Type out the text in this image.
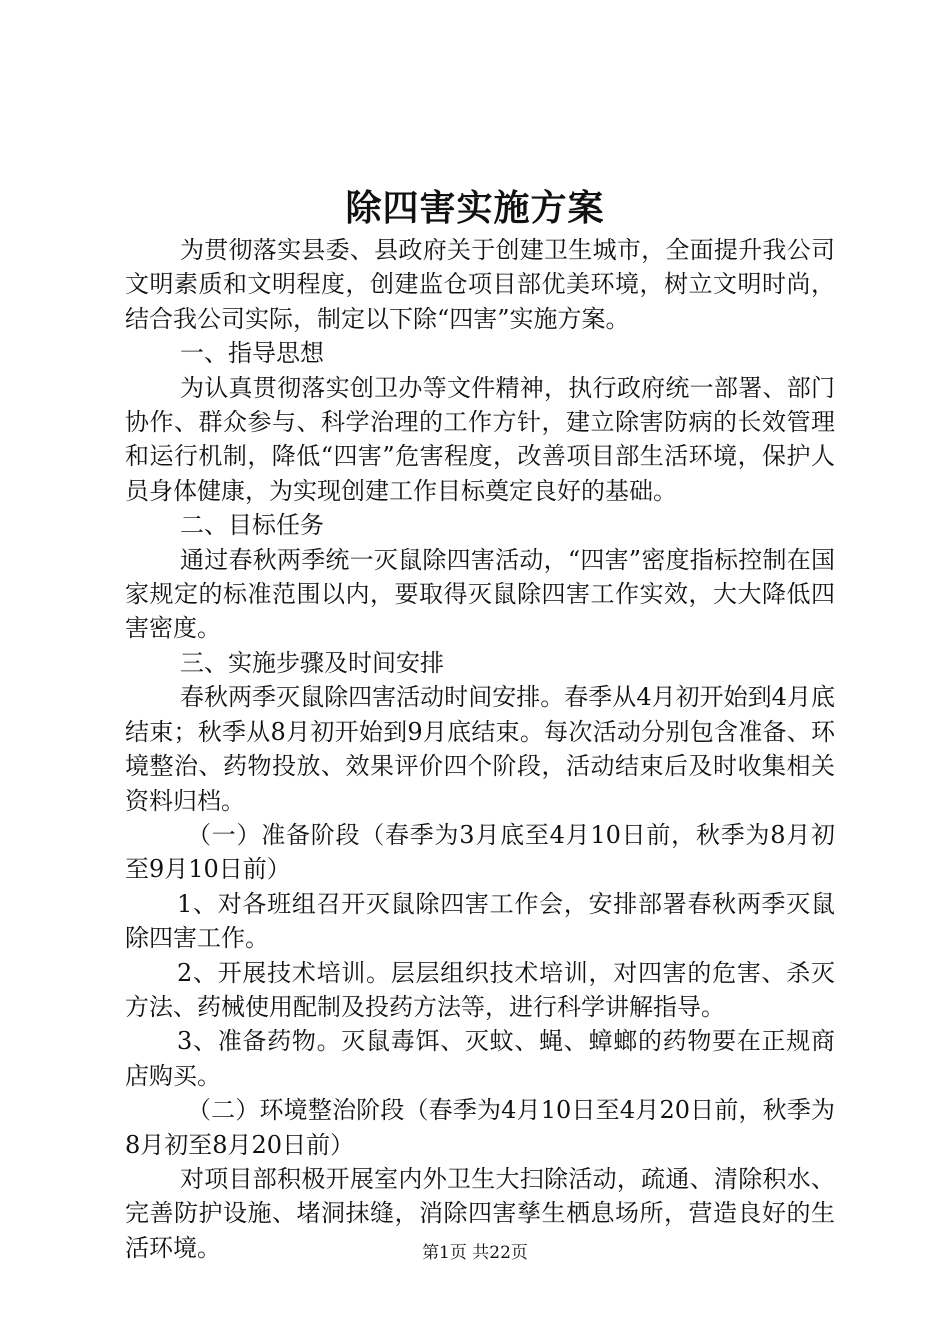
除四害实施方案

为贯彻落实县委、县政府关于创建卫生城市，全面提升我公司文明素质和文明程度，创建监仓项目部优美环境，树立文明时尚，结合我公司实际，制定以下除“四害”实施方案。

一、指导思想

为认真贯彻落实创卫办等文件精神，执行政府统一部署、部门协作、群众参与、科学治理的工作方针，建立除害防病的长效管理和运行机制，降低“四害”危害程度，改善项目部生活环境，保护人员身体健康，为实现创建工作目标奠定良好的基础。

二、目标任务

通过春秋两季统一灭鼠除四害活动，“四害”密度指标控制在国家规定的标准范围以内，要取得灭鼠除四害工作实效，大大降低四害密度。

三、实施步骤及时间安排

春秋两季灭鼠除四害活动时间安排。春季从4月初开始到4月底结束；秋季从8月初开始到9月底结束。每次活动分别包含准备、环境整治、药物投放、效果评价四个阶段，活动结束后及时收集相关资料归档。

（一）准备阶段（春季为3月底至4月10日前，秋季为8月初至9月10日前）

1、对各班组召开灭鼠除四害工作会，安排部署春秋两季灭鼠除四害工作。

2、开展技术培训。层层组织技术培训，对四害的危害、杀灭方法、药械使用配制及投药方法等，进行科学讲解指导。

3、准备药物。灭鼠毒饵、灭蚊、蝇、蟑螂的药物要在正规商店购买。

（二）环境整治阶段（春季为4月10日至4月20日前，秋季为8月初至8月20日前）

对项目部积极开展室内外卫生大扫除活动，疏通、清除积水、完善防护设施、堵洞抹缝，消除四害孳生栖息场所，营造良好的生活环境。	第1页 共22页
